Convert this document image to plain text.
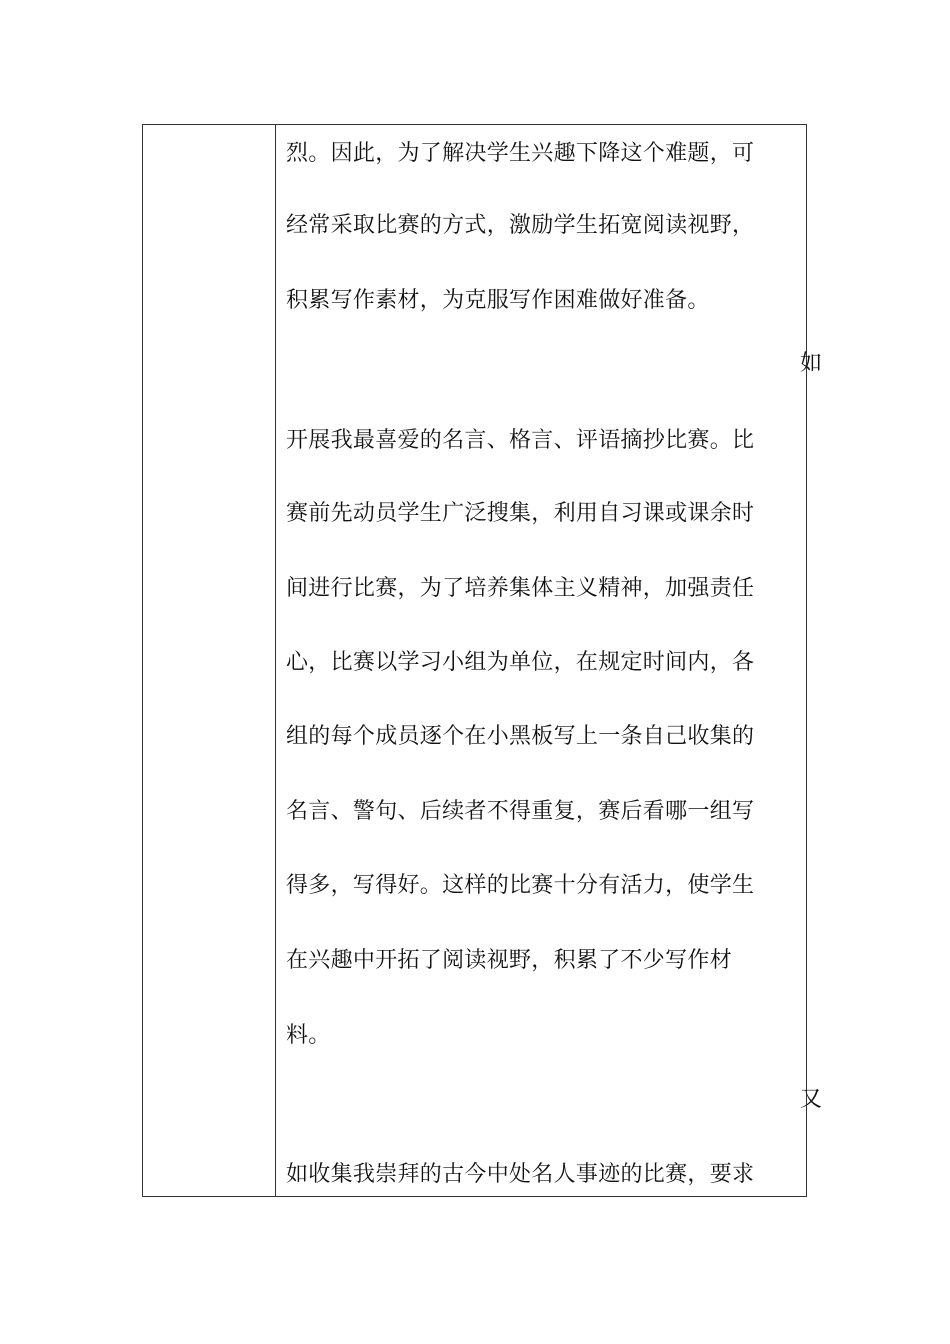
烈。因此，为了解决学生兴趣下降这个难题，可
经常采取比赛的方式，激励学生拓宽阅读视野，
积累写作素材，为克服写作困难做好准备。
如
开展我最喜爱的名言、格言、评语摘抄比赛。比
赛前先动员学生广泛搜集，利用自习课或课余时
间进行比赛，为了培养集体主义精神，加强责任
心，比赛以学习小组为单位，在规定时间内，各
组的每个成员逐个在小黑板写上一条自己收集的
名言、警句、后续者不得重复，赛后看哪一组写
得多，写得好。这样的比赛十分有活力，使学生
在兴趣中开拓了阅读视野，积累了不少写作材
料。
又
如收集我崇拜的古今中处名人事迹的比赛，要求
